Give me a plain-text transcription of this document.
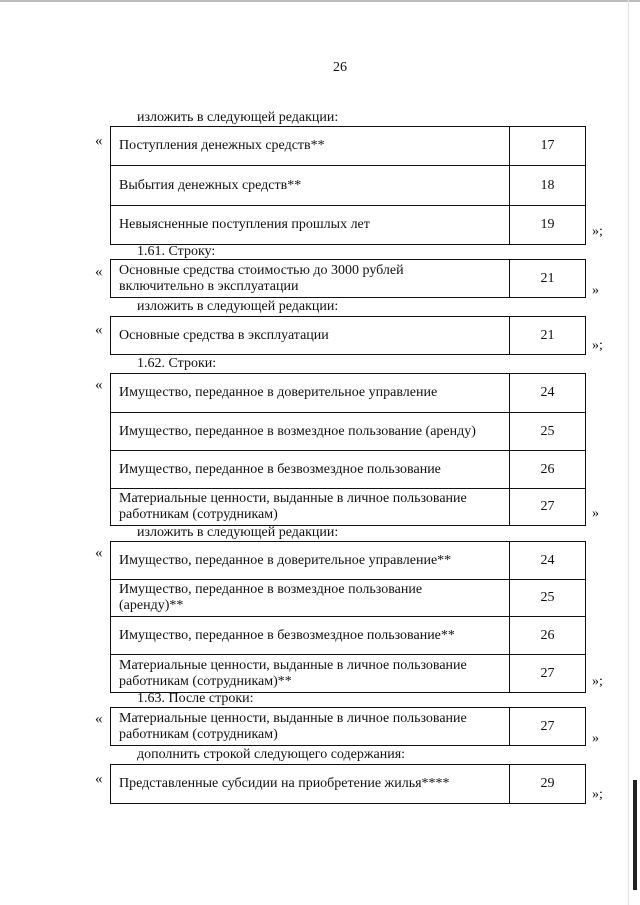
26
изложить в следующей редакции:
« Поступления денежных средств**	17
Выбытия денежных средств**	18
Невыясненные поступления прошлых лет	19	»;
1.61. Строку:
« Основные средства стоимостью до 3000 рублей
включительно в эксплуатации	21
»
изложить в следующей редакции:
« Основные средства в эксплуатации	21
»;
1.62. Строки:
« Имущество, переданное в доверительное управление	24
Имущество, переданное в возмездное пользование (аренду)	25
Имущество, переданное в безвозмездное пользование	26
Материальные ценности, выданные в личное пользование
работникам (сотрудникам)	27	»
изложить в следующей редакции:
« Имущество, переданное в доверительное управление**	24
Имущество, переданное в возмездное пользование
(аренду)**	25
Имущество, переданное в безвозмездное пользование**	26
Материальные ценности, выданные в личное пользование
работникам (сотрудникам)**	27
»;
1.63. После строки:
« Материальные ценности, выданные в личное пользование
работникам (сотрудникам)	27
»
дополнить строкой следующего содержания:
« Представленные субсидии на приобретение жилья****	29
»;
